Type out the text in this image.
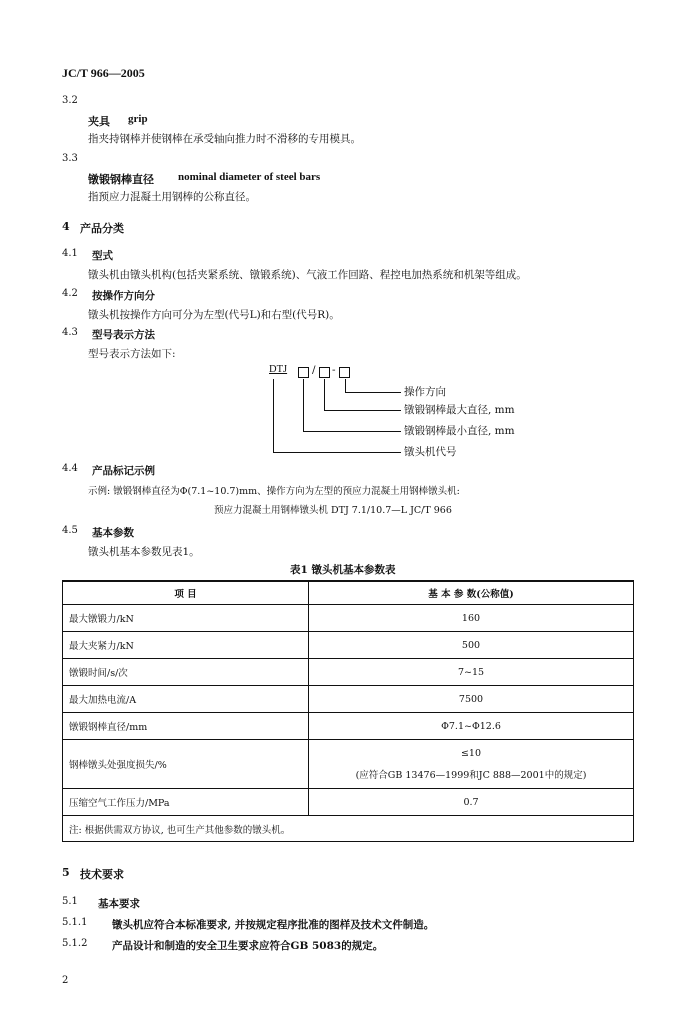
JC/T 966—2005
3.2
夹具 grip
指夹持钢棒并使钢棒在承受轴向推力时不滑移的专用模具。
3.3
镦锻钢棒直径 nominal diameter of steel bars
指预应力混凝土用钢棒的公称直径。
4 产品分类
4.1 型式
镦头机由镦头机构(包括夹紧系统、镦锻系统)、气液工作回路、程控电加热系统和机架等组成。
4.2 按操作方向分
镦头机按操作方向可分为左型(代号L)和右型(代号R)。
4.3 型号表示方法
型号表示方法如下:
DTJ / -
操作方向
镦锻钢棒最大直径, mm
镦锻钢棒最小直径, mm
镦头机代号
4.4 产品标记示例
示例: 镦锻钢棒直径为Φ(7.1~10.7)mm、操作方向为左型的预应力混凝土用钢棒镦头机:
预应力混凝土用钢棒镦头机 DTJ 7.1/10.7—L JC/T 966
4.5 基本参数
镦头机基本参数见表1。
表1 镦头机基本参数表
项 目	基 本 参 数(公称值)
最大镦锻力/kN	160
最大夹紧力/kN	500
镦锻时间/s/次	7~15
最大加热电流/A	7500
镦锻钢棒直径/mm	Φ7.1~Φ12.6
钢棒镦头处强度损失/%	≤10
(应符合GB 13476—1999和JC 888—2001中的规定)

压缩空气工作压力/MPa	0.7
注: 根据供需双方协议, 也可生产其他参数的镦头机。	
5 技术要求
5.1 基本要求
5.1.1 镦头机应符合本标准要求, 并按规定程序批准的图样及技术文件制造。
5.1.2 产品设计和制造的安全卫生要求应符合GB 5083的规定。
2
